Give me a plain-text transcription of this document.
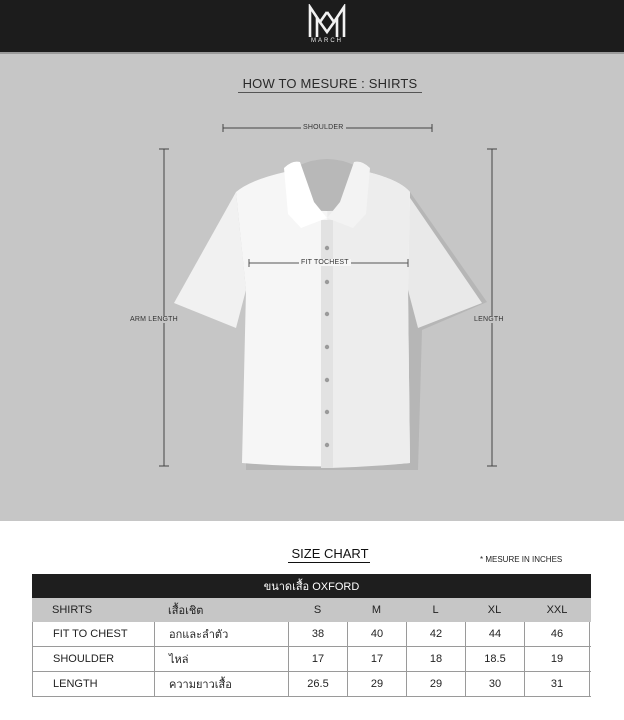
MARCH
HOW TO MESURE : SHIRTS
SHOULDER
FIT TOCHEST
ARM LENGTH	LENGTH
SIZE CHART	* MESURE IN INCHES
ขนาดเสื้อ OXFORD
SHIRTS	เสื้อเชิต	S	M	L	XL	XXL
FIT TO CHEST	อกและลำตัว	38	40	42	44	46
SHOULDER	ไหล่	17	17	18	18.5	19
LENGTH	ความยาวเสื้อ	26.5	29	29	30	31
